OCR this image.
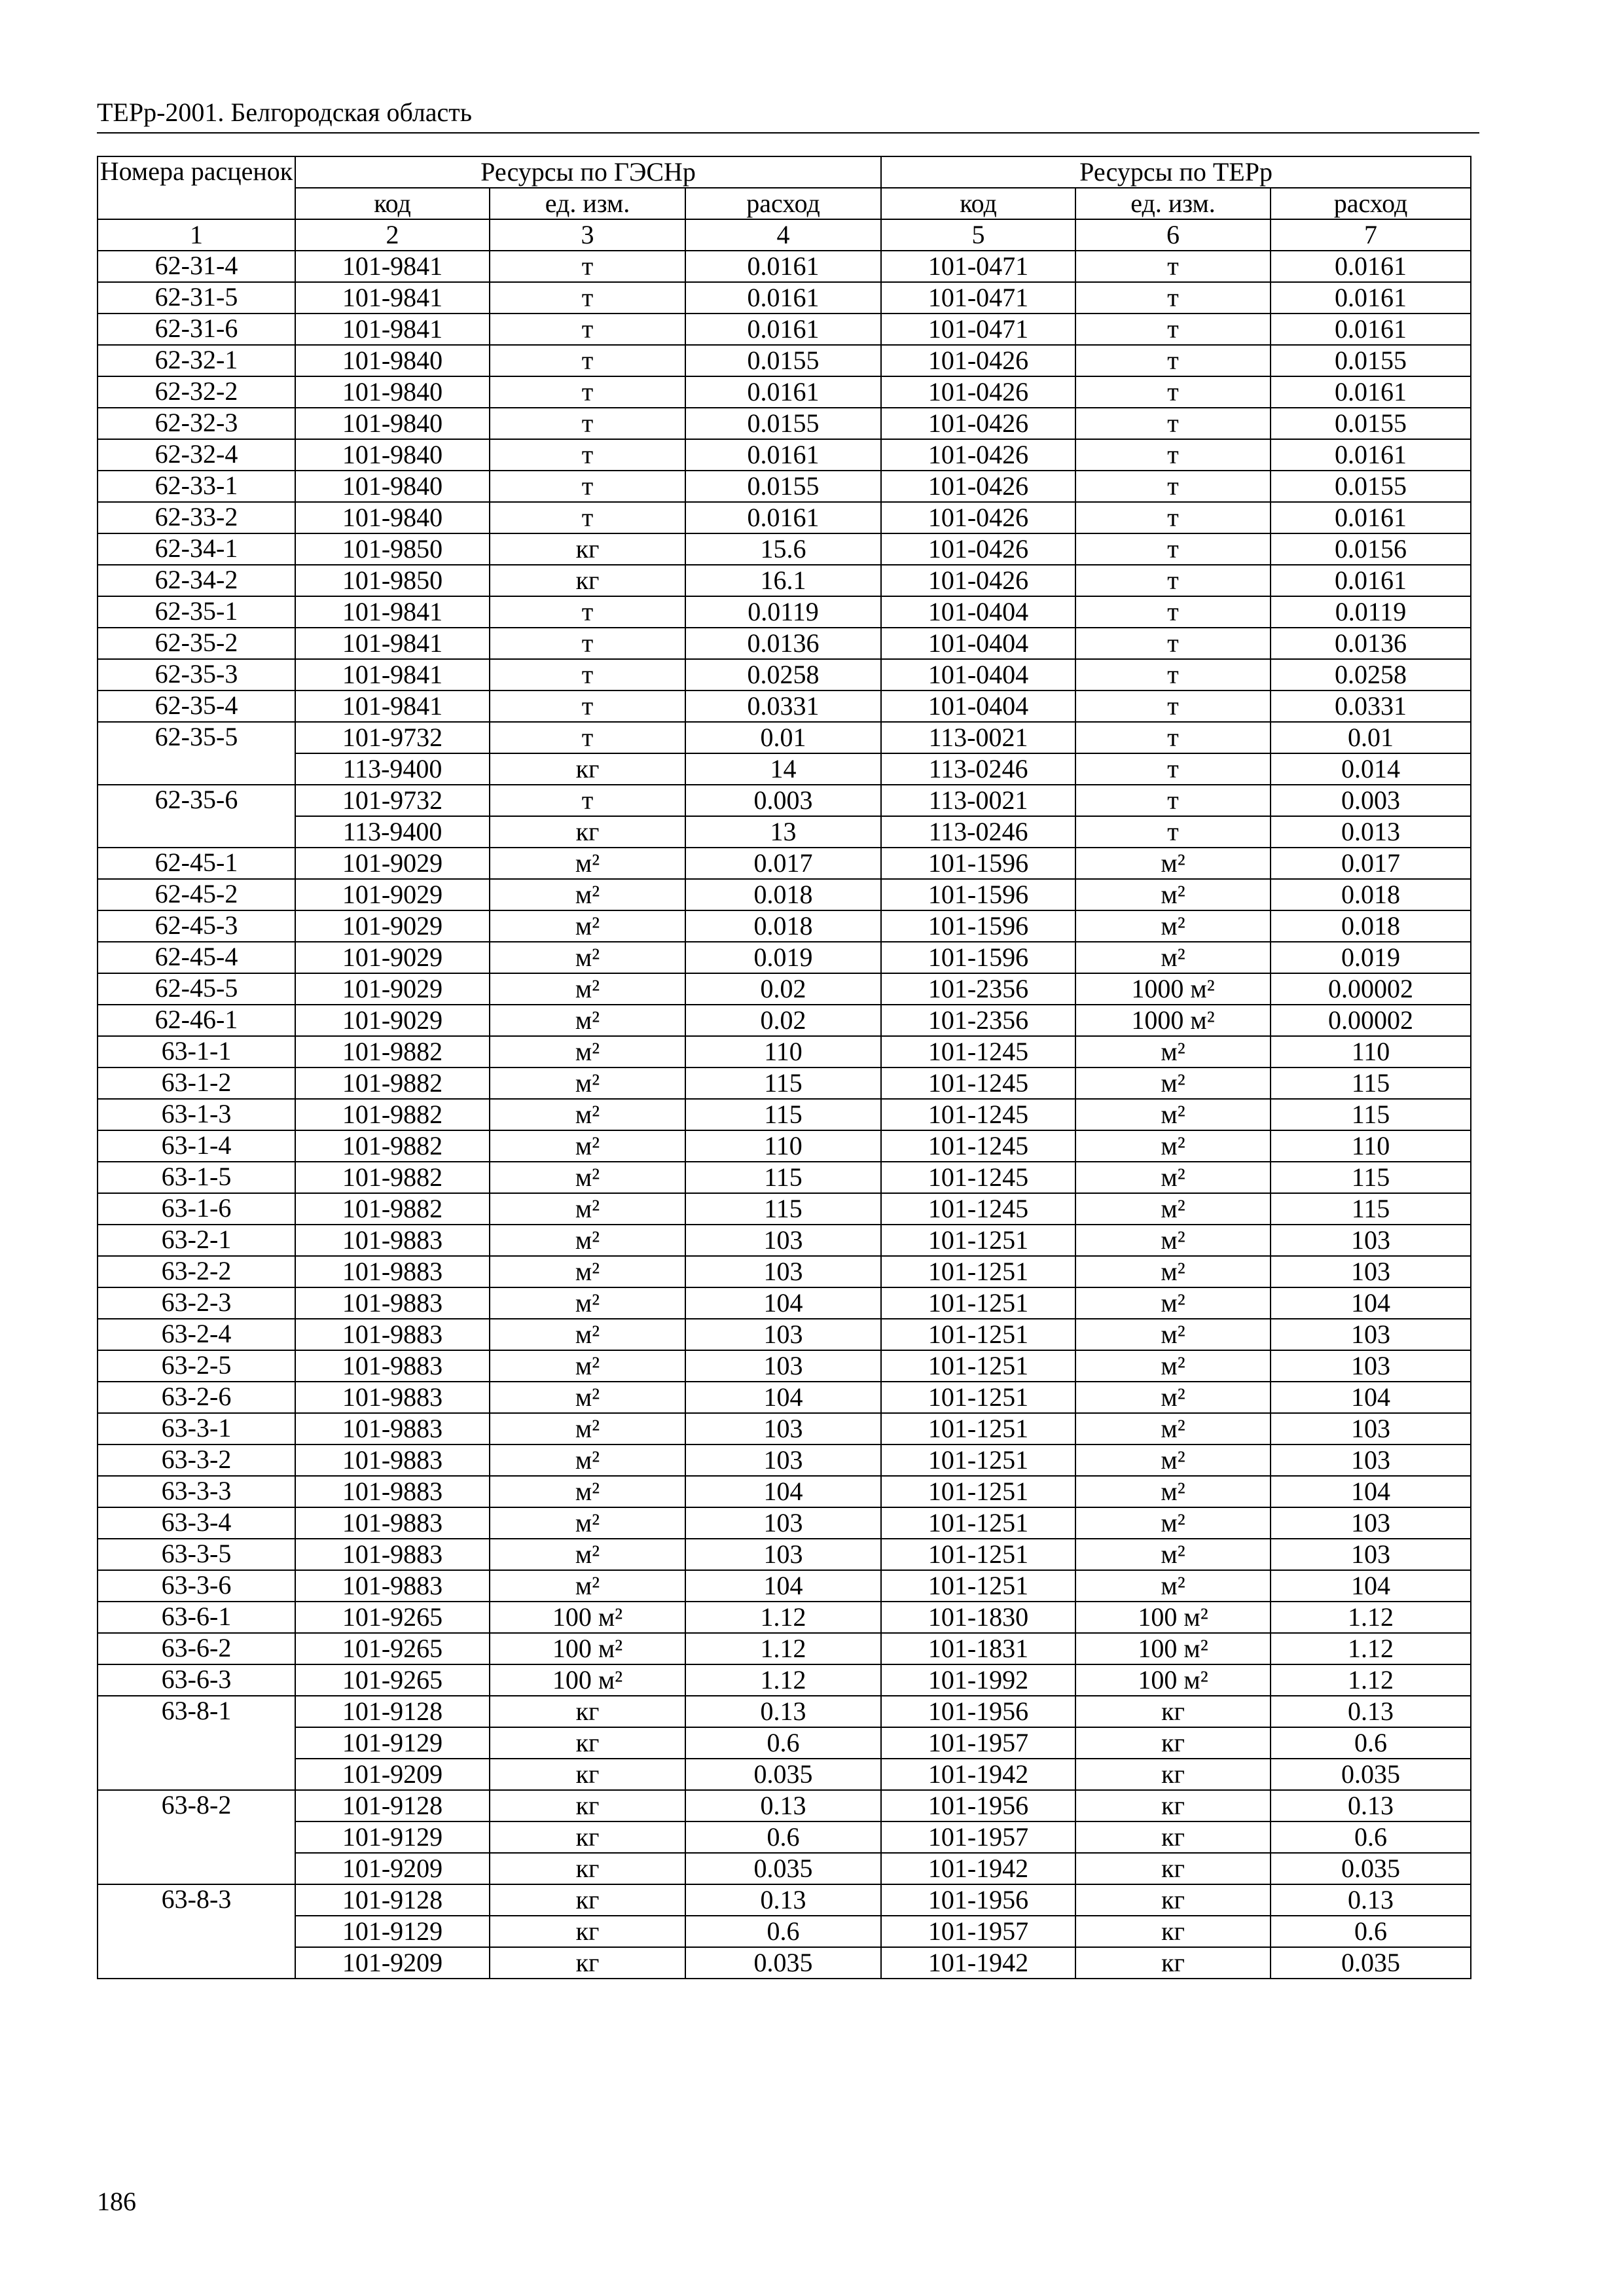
ТЕРр-2001. Белгородская область
Номера расценок	Ресурсы по ГЭСНр			Ресурсы по ТЕРр		
	код	ед. изм.	расход	код	ед. изм.	расход
1	2	3	4	5	6	7
62-31-4	101-9841	т	0.0161	101-0471	т	0.0161
62-31-5	101-9841	т	0.0161	101-0471	т	0.0161
62-31-6	101-9841	т	0.0161	101-0471	т	0.0161
62-32-1	101-9840	т	0.0155	101-0426	т	0.0155
62-32-2	101-9840	т	0.0161	101-0426	т	0.0161
62-32-3	101-9840	т	0.0155	101-0426	т	0.0155
62-32-4	101-9840	т	0.0161	101-0426	т	0.0161
62-33-1	101-9840	т	0.0155	101-0426	т	0.0155
62-33-2	101-9840	т	0.0161	101-0426	т	0.0161
62-34-1	101-9850	кг	15.6	101-0426	т	0.0156
62-34-2	101-9850	кг	16.1	101-0426	т	0.0161
62-35-1	101-9841	т	0.0119	101-0404	т	0.0119
62-35-2	101-9841	т	0.0136	101-0404	т	0.0136
62-35-3	101-9841	т	0.0258	101-0404	т	0.0258
62-35-4	101-9841	т	0.0331	101-0404	т	0.0331
62-35-5	101-9732	т	0.01	113-0021	т	0.01
	113-9400	кг	14	113-0246	т	0.014
62-35-6	101-9732	т	0.003	113-0021	т	0.003
	113-9400	кг	13	113-0246	т	0.013
62-45-1	101-9029	м²	0.017	101-1596	м²	0.017
62-45-2	101-9029	м²	0.018	101-1596	м²	0.018
62-45-3	101-9029	м²	0.018	101-1596	м²	0.018
62-45-4	101-9029	м²	0.019	101-1596	м²	0.019
62-45-5	101-9029	м²	0.02	101-2356	1000 м²	0.00002
62-46-1	101-9029	м²	0.02	101-2356	1000 м²	0.00002
63-1-1	101-9882	м²	110	101-1245	м²	110
63-1-2	101-9882	м²	115	101-1245	м²	115
63-1-3	101-9882	м²	115	101-1245	м²	115
63-1-4	101-9882	м²	110	101-1245	м²	110
63-1-5	101-9882	м²	115	101-1245	м²	115
63-1-6	101-9882	м²	115	101-1245	м²	115
63-2-1	101-9883	м²	103	101-1251	м²	103
63-2-2	101-9883	м²	103	101-1251	м²	103
63-2-3	101-9883	м²	104	101-1251	м²	104
63-2-4	101-9883	м²	103	101-1251	м²	103
63-2-5	101-9883	м²	103	101-1251	м²	103
63-2-6	101-9883	м²	104	101-1251	м²	104
63-3-1	101-9883	м²	103	101-1251	м²	103
63-3-2	101-9883	м²	103	101-1251	м²	103
63-3-3	101-9883	м²	104	101-1251	м²	104
63-3-4	101-9883	м²	103	101-1251	м²	103
63-3-5	101-9883	м²	103	101-1251	м²	103
63-3-6	101-9883	м²	104	101-1251	м²	104
63-6-1	101-9265	100 м²	1.12	101-1830	100 м²	1.12
63-6-2	101-9265	100 м²	1.12	101-1831	100 м²	1.12
63-6-3	101-9265	100 м²	1.12	101-1992	100 м²	1.12
63-8-1	101-9128	кг	0.13	101-1956	кг	0.13
	101-9129	кг	0.6	101-1957	кг	0.6
	101-9209	кг	0.035	101-1942	кг	0.035
63-8-2	101-9128	кг	0.13	101-1956	кг	0.13
	101-9129	кг	0.6	101-1957	кг	0.6
	101-9209	кг	0.035	101-1942	кг	0.035
63-8-3	101-9128	кг	0.13	101-1956	кг	0.13
	101-9129	кг	0.6	101-1957	кг	0.6
	101-9209	кг	0.035	101-1942	кг	0.035
186
